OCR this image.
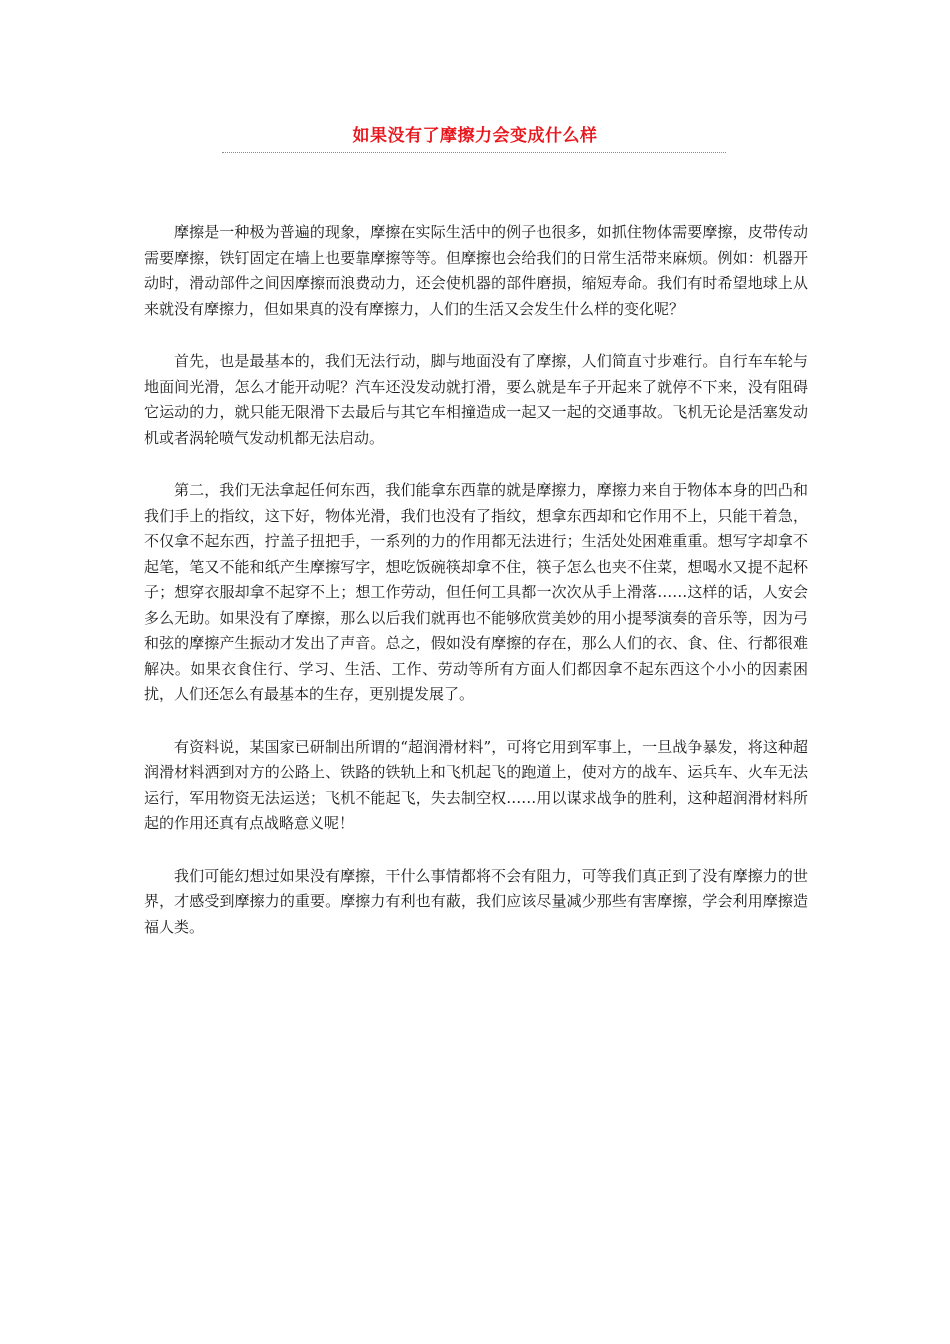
如果没有了摩擦力会变成什么样

摩擦是一种极为普遍的现象，摩擦在实际生活中的例子也很多，如抓住物体需要摩擦，皮带传动需要摩擦，铁钉固定在墙上也要靠摩擦等等。但摩擦也会给我们的日常生活带来麻烦。例如：机器开动时，滑动部件之间因摩擦而浪费动力，还会使机器的部件磨损，缩短寿命。我们有时希望地球上从来就没有摩擦力，但如果真的没有摩擦力，人们的生活又会发生什么样的变化呢？

首先，也是最基本的，我们无法行动，脚与地面没有了摩擦，人们简直寸步难行。自行车车轮与地面间光滑，怎么才能开动呢？汽车还没发动就打滑，要么就是车子开起来了就停不下来，没有阻碍它运动的力，就只能无限滑下去最后与其它车相撞造成一起又一起的交通事故。飞机无论是活塞发动机或者涡轮喷气发动机都无法启动。

第二，我们无法拿起任何东西，我们能拿东西靠的就是摩擦力，摩擦力来自于物体本身的凹凸和我们手上的指纹，这下好，物体光滑，我们也没有了指纹，想拿东西却和它作用不上，只能干着急，不仅拿不起东西，拧盖子扭把手，一系列的力的作用都无法进行；生活处处困难重重。想写字却拿不起笔，笔又不能和纸产生摩擦写字，想吃饭碗筷却拿不住，筷子怎么也夹不住菜，想喝水又提不起杯子；想穿衣服却拿不起穿不上；想工作劳动，但任何工具都一次次从手上滑落……这样的话，人安会多么无助。如果没有了摩擦，那么以后我们就再也不能够欣赏美妙的用小提琴演奏的音乐等，因为弓和弦的摩擦产生振动才发出了声音。总之，假如没有摩擦的存在，那么人们的衣、食、住、行都很难解决。如果衣食住行、学习、生活、工作、劳动等所有方面人们都因拿不起东西这个小小的因素困扰，人们还怎么有最基本的生存，更别提发展了。

有资料说，某国家已研制出所谓的“超润滑材料”，可将它用到军事上，一旦战争暴发，将这种超润滑材料洒到对方的公路上、铁路的铁轨上和飞机起飞的跑道上，使对方的战车、运兵车、火车无法运行，军用物资无法运送；飞机不能起飞，失去制空权……用以谋求战争的胜利，这种超润滑材料所起的作用还真有点战略意义呢！

我们可能幻想过如果没有摩擦，干什么事情都将不会有阻力，可等我们真正到了没有摩擦力的世界，才感受到摩擦力的重要。摩擦力有利也有蔽，我们应该尽量减少那些有害摩擦，学会利用摩擦造福人类。
